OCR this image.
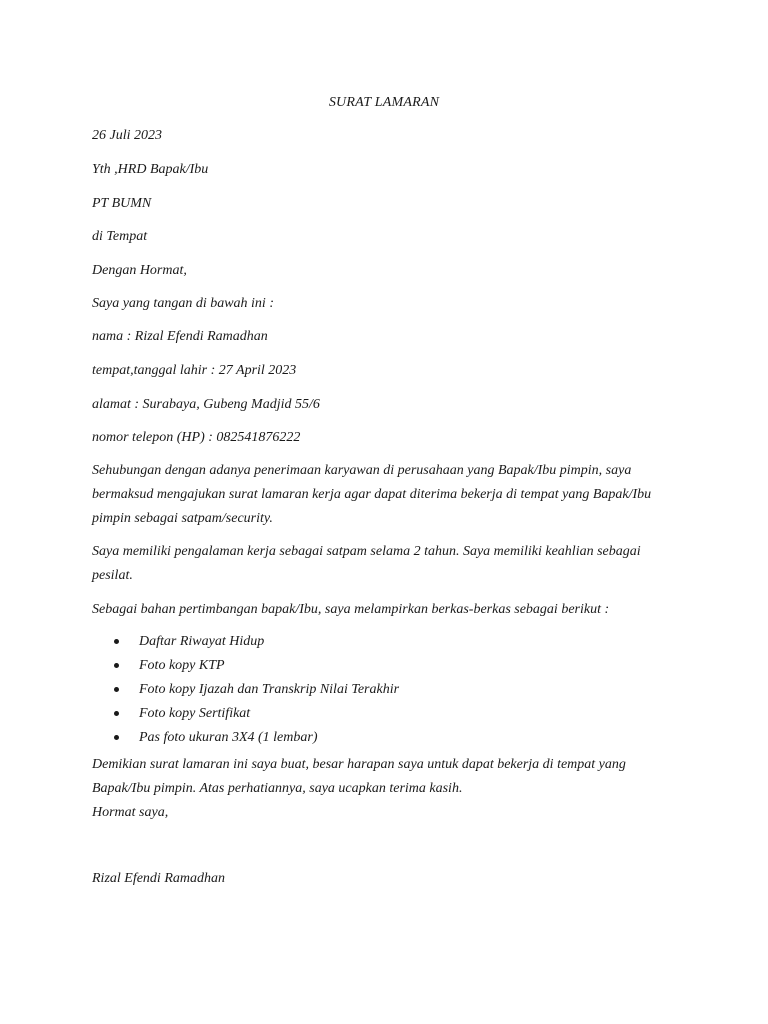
SURAT LAMARAN
26 Juli 2023
Yth ,HRD Bapak/Ibu
PT BUMN
di Tempat
Dengan Hormat,
Saya yang tangan di bawah ini :
nama : Rizal Efendi Ramadhan
tempat,tanggal lahir : 27 April 2023
alamat : Surabaya, Gubeng Madjid 55/6
nomor telepon (HP) : 082541876222
Sehubungan dengan adanya penerimaan karyawan di perusahaan yang Bapak/Ibu pimpin, saya bermaksud mengajukan surat lamaran kerja agar dapat diterima bekerja di tempat yang Bapak/Ibu pimpin sebagai satpam/security.
Saya memiliki pengalaman kerja sebagai satpam selama 2 tahun. Saya memiliki keahlian sebagai pesilat.
Sebagai bahan pertimbangan bapak/Ibu, saya melampirkan berkas-berkas sebagai berikut :
Daftar Riwayat Hidup
Foto kopy KTP
Foto kopy Ijazah dan Transkrip Nilai Terakhir
Foto kopy Sertifikat
Pas foto ukuran 3X4 (1 lembar)
Demikian surat lamaran ini saya buat, besar harapan saya untuk dapat bekerja di tempat yang Bapak/Ibu pimpin. Atas perhatiannya, saya ucapkan terima kasih.
Hormat saya,
Rizal Efendi Ramadhan
